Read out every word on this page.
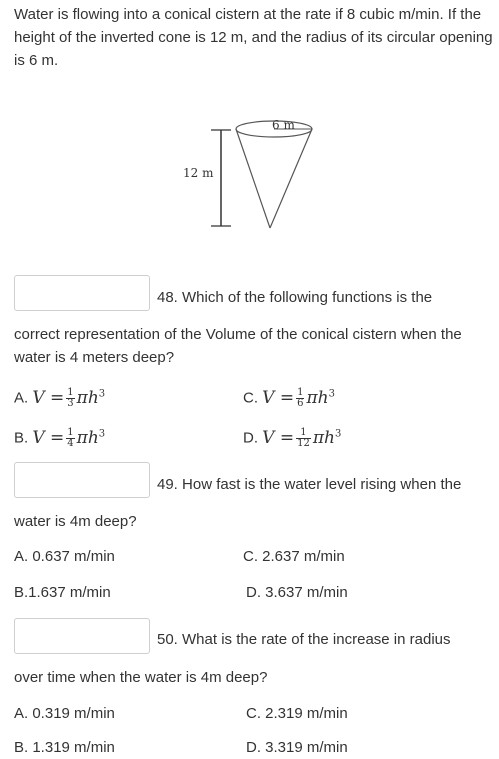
Water is flowing into a conical cistern at the rate if 8 cubic m/min. If the height of the inverted cone is 12 m, and the radius of its circular opening is 6 m.
6 m
12 m
48. Which of the following functions is the
correct representation of the Volume of the conical cistern when the water is 4 meters deep?
A. $V = \frac{1}{3} \pi h^3$
B. $V = \frac{1}{4} \pi h^3$
C. $V = \frac{1}{6} \pi h^3$
D. $V = \frac{1}{12} \pi h^3$
49. How fast is the water level rising when the
water is 4m deep?
A. 0.637 m/min
B.1.637 m/min
C. 2.637 m/min
D. 3.637 m/min
50. What is the rate of the increase in radius
over time when the water is 4m deep?
A. 0.319 m/min
B. 1.319 m/min
C. 2.319 m/min
D. 3.319 m/min
